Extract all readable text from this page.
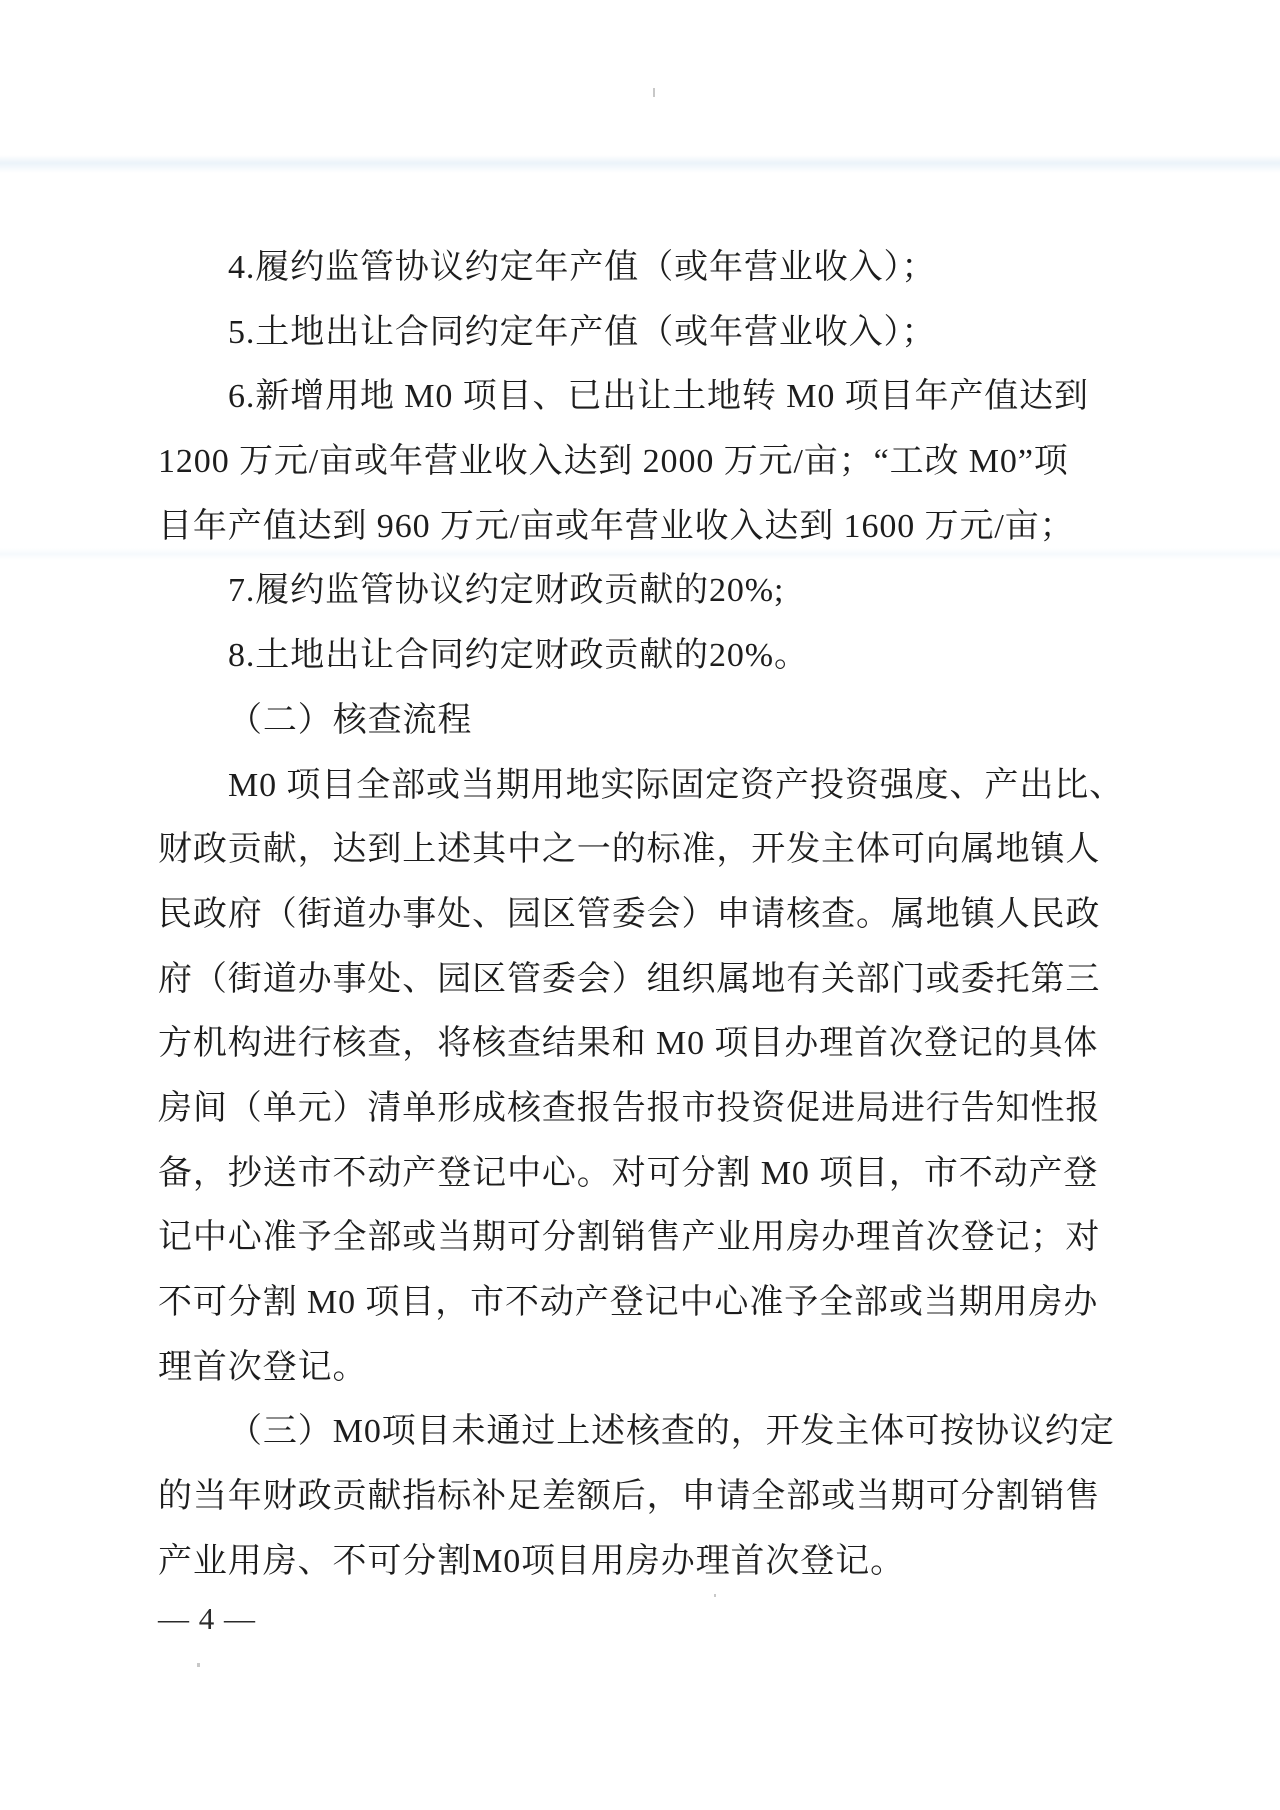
4.履约监管协议约定年产值（或年营业收入）；
5.土地出让合同约定年产值（或年营业收入）；
6.新增用地 M0 项目、已出让土地转 M0 项目年产值达到
1200 万元/亩或年营业收入达到 2000 万元/亩；“工改 M0”项
目年产值达到 960 万元/亩或年营业收入达到 1600 万元/亩；
7.履约监管协议约定财政贡献的20%;
8.土地出让合同约定财政贡献的20%。
（二）核查流程
M0 项目全部或当期用地实际固定资产投资强度、产出比、
财政贡献，达到上述其中之一的标准，开发主体可向属地镇人
民政府（街道办事处、园区管委会）申请核查。属地镇人民政
府（街道办事处、园区管委会）组织属地有关部门或委托第三
方机构进行核查，将核查结果和 M0 项目办理首次登记的具体
房间（单元）清单形成核查报告报市投资促进局进行告知性报
备，抄送市不动产登记中心。对可分割 M0 项目，市不动产登
记中心准予全部或当期可分割销售产业用房办理首次登记；对
不可分割 M0 项目，市不动产登记中心准予全部或当期用房办
理首次登记。
（三）M0项目未通过上述核查的，开发主体可按协议约定
的当年财政贡献指标补足差额后，申请全部或当期可分割销售
产业用房、不可分割M0项目用房办理首次登记。
— 4 —
